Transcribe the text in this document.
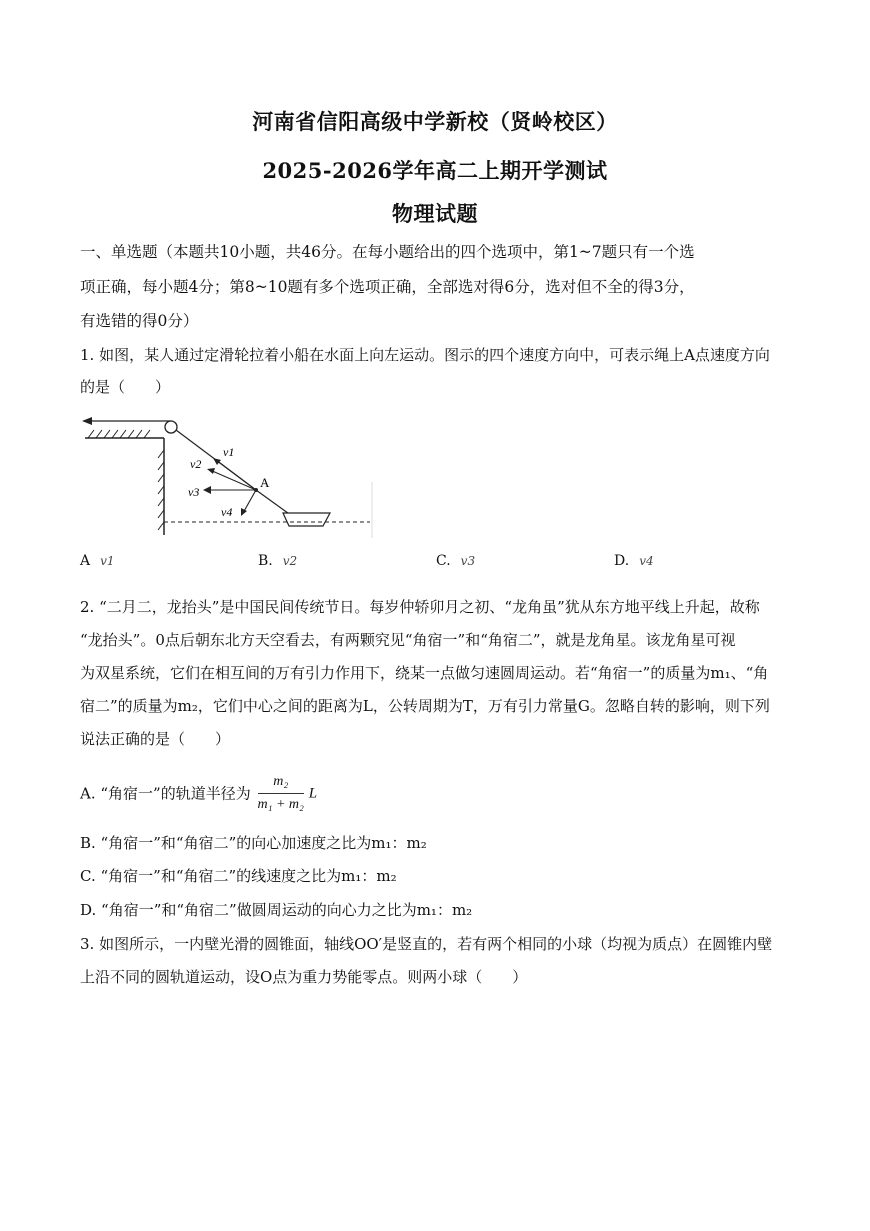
河南省信阳高级中学新校（贤岭校区）
2025-2026学年高二上期开学测试
物理试题
一、单选题（本题共10小题，共46分。在每小题给出的四个选项中，第1~7题只有一个选
项正确，每小题4分；第8~10题有多个选项正确，全部选对得6分，选对但不全的得3分，
有选错的得0分）
1. 如图，某人通过定滑轮拉着小船在水面上向左运动。图示的四个速度方向中，可表示绳上A点速度方向
的是（　　）
v1
v2
v3
v4
A
A v1	B. v2	C. v3	D. v4
2. “二月二，龙抬头”是中国民间传统节日。每岁仲轿卯月之初、“龙角虽”犹从东方地平线上升起，故称
“龙抬头”。0点后朝东北方天空看去，有两颗究见“角宿一”和“角宿二”，就是龙角星。该龙角星可视
为双星系统，它们在相互间的万有引力作用下，绕某一点做匀速圆周运动。若“角宿一”的质量为m₁、“角
宿二”的质量为m₂，它们中心之间的距离为L，公转周期为T，万有引力常量G。忽略自转的影响，则下列
说法正确的是（　　）
A. “角宿一”的轨道半径为 $\frac{\text{m₂}}{\text{m₁ + m₂}}$ L
B. “角宿一”和“角宿二”的向心加速度之比为m₁：m₂
C. “角宿一”和“角宿二”的线速度之比为m₁：m₂
D. “角宿一”和“角宿二”做圆周运动的向心力之比为m₁：m₂
3. 如图所示，一内壁光滑的圆锥面，轴线OO′是竖直的，若有两个相同的小球（均视为质点）在圆锥内壁
上沿不同的圆轨道运动，设O点为重力势能零点。则两小球（　　）
